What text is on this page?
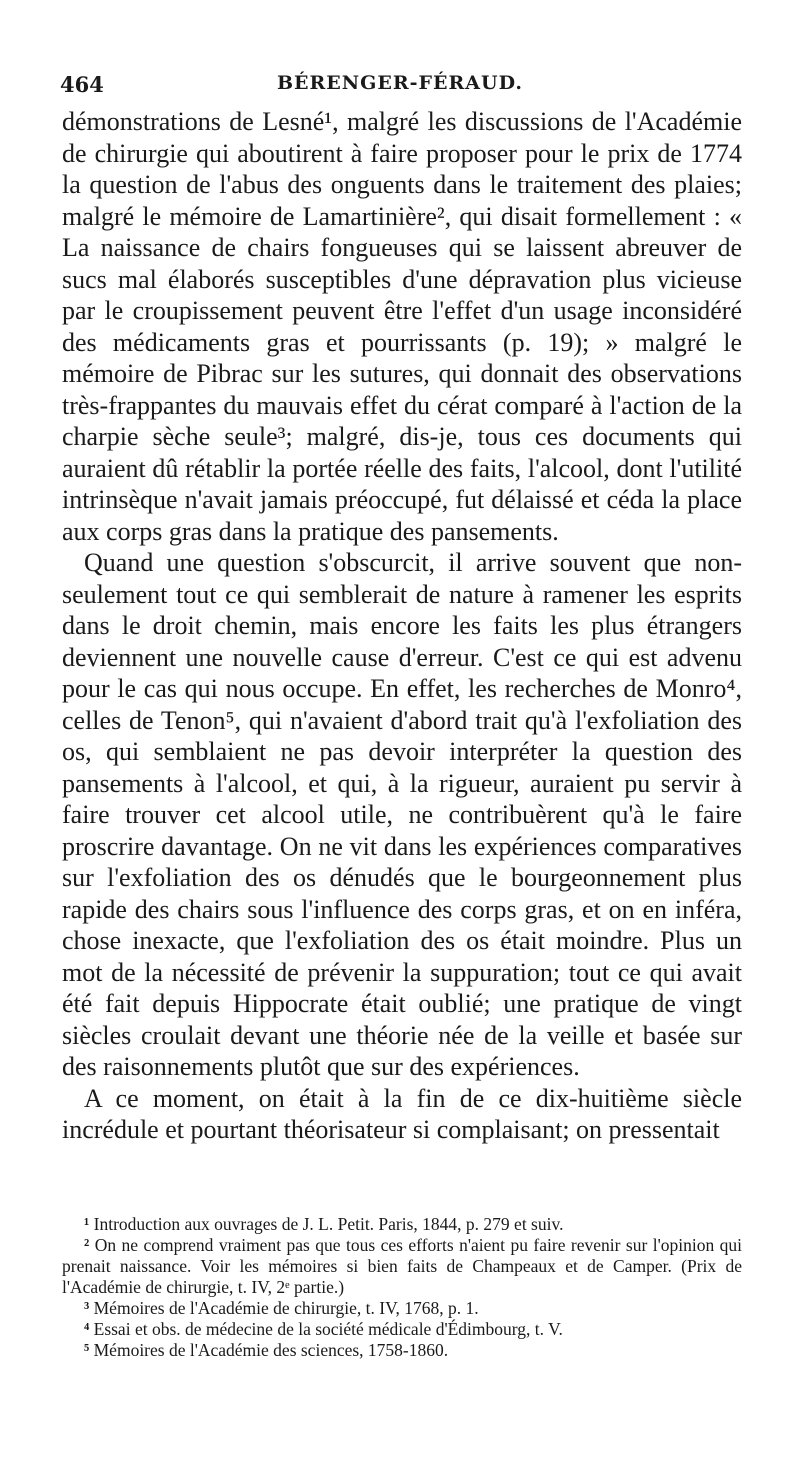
464	BÉRENGER-FÉRAUD.

démonstrations de Lesné¹, malgré les discussions de l'Académie de chirurgie qui aboutirent à faire proposer pour le prix de 1774 la question de l'abus des onguents dans le traitement des plaies; malgré le mémoire de Lamartinière², qui disait formellement : « La naissance de chairs fongueuses qui se laissent abreuver de sucs mal élaborés susceptibles d'une dépravation plus vicieuse par le croupissement peuvent être l'effet d'un usage inconsidéré des médicaments gras et pourrissants (p. 19); » malgré le mémoire de Pibrac sur les sutures, qui donnait des observations très-frappantes du mauvais effet du cérat comparé à l'action de la charpie sèche seule³; malgré, dis-je, tous ces documents qui auraient dû rétablir la portée réelle des faits, l'alcool, dont l'utilité intrinsèque n'avait jamais préoccupé, fut délaissé et céda la place aux corps gras dans la pratique des pansements.

Quand une question s'obscurcit, il arrive souvent que non-seulement tout ce qui semblerait de nature à ramener les esprits dans le droit chemin, mais encore les faits les plus étrangers deviennent une nouvelle cause d'erreur. C'est ce qui est advenu pour le cas qui nous occupe. En effet, les recherches de Monro⁴, celles de Tenon⁵, qui n'avaient d'abord trait qu'à l'exfoliation des os, qui semblaient ne pas devoir interpréter la question des pansements à l'alcool, et qui, à la rigueur, auraient pu servir à faire trouver cet alcool utile, ne contribuèrent qu'à le faire proscrire davantage. On ne vit dans les expériences comparatives sur l'exfoliation des os dénudés que le bourgeonnement plus rapide des chairs sous l'influence des corps gras, et on en inféra, chose inexacte, que l'exfoliation des os était moindre. Plus un mot de la nécessité de prévenir la suppuration; tout ce qui avait été fait depuis Hippocrate était oublié; une pratique de vingt siècles croulait devant une théorie née de la veille et basée sur des raisonnements plutôt que sur des expériences.

A ce moment, on était à la fin de ce dix-huitième siècle incrédule et pourtant théorisateur si complaisant; on pressentait

¹ Introduction aux ouvrages de J. L. Petit. Paris, 1844, p. 279 et suiv.

² On ne comprend vraiment pas que tous ces efforts n'aient pu faire revenir sur l'opinion qui prenait naissance. Voir les mémoires si bien faits de Champeaux et de Camper. (Prix de l'Académie de chirurgie, t. IV, 2ᵉ partie.)

³ Mémoires de l'Académie de chirurgie, t. IV, 1768, p. 1.

⁴ Essai et obs. de médecine de la société médicale d'Édimbourg, t. V.

⁵ Mémoires de l'Académie des sciences, 1758-1860.
